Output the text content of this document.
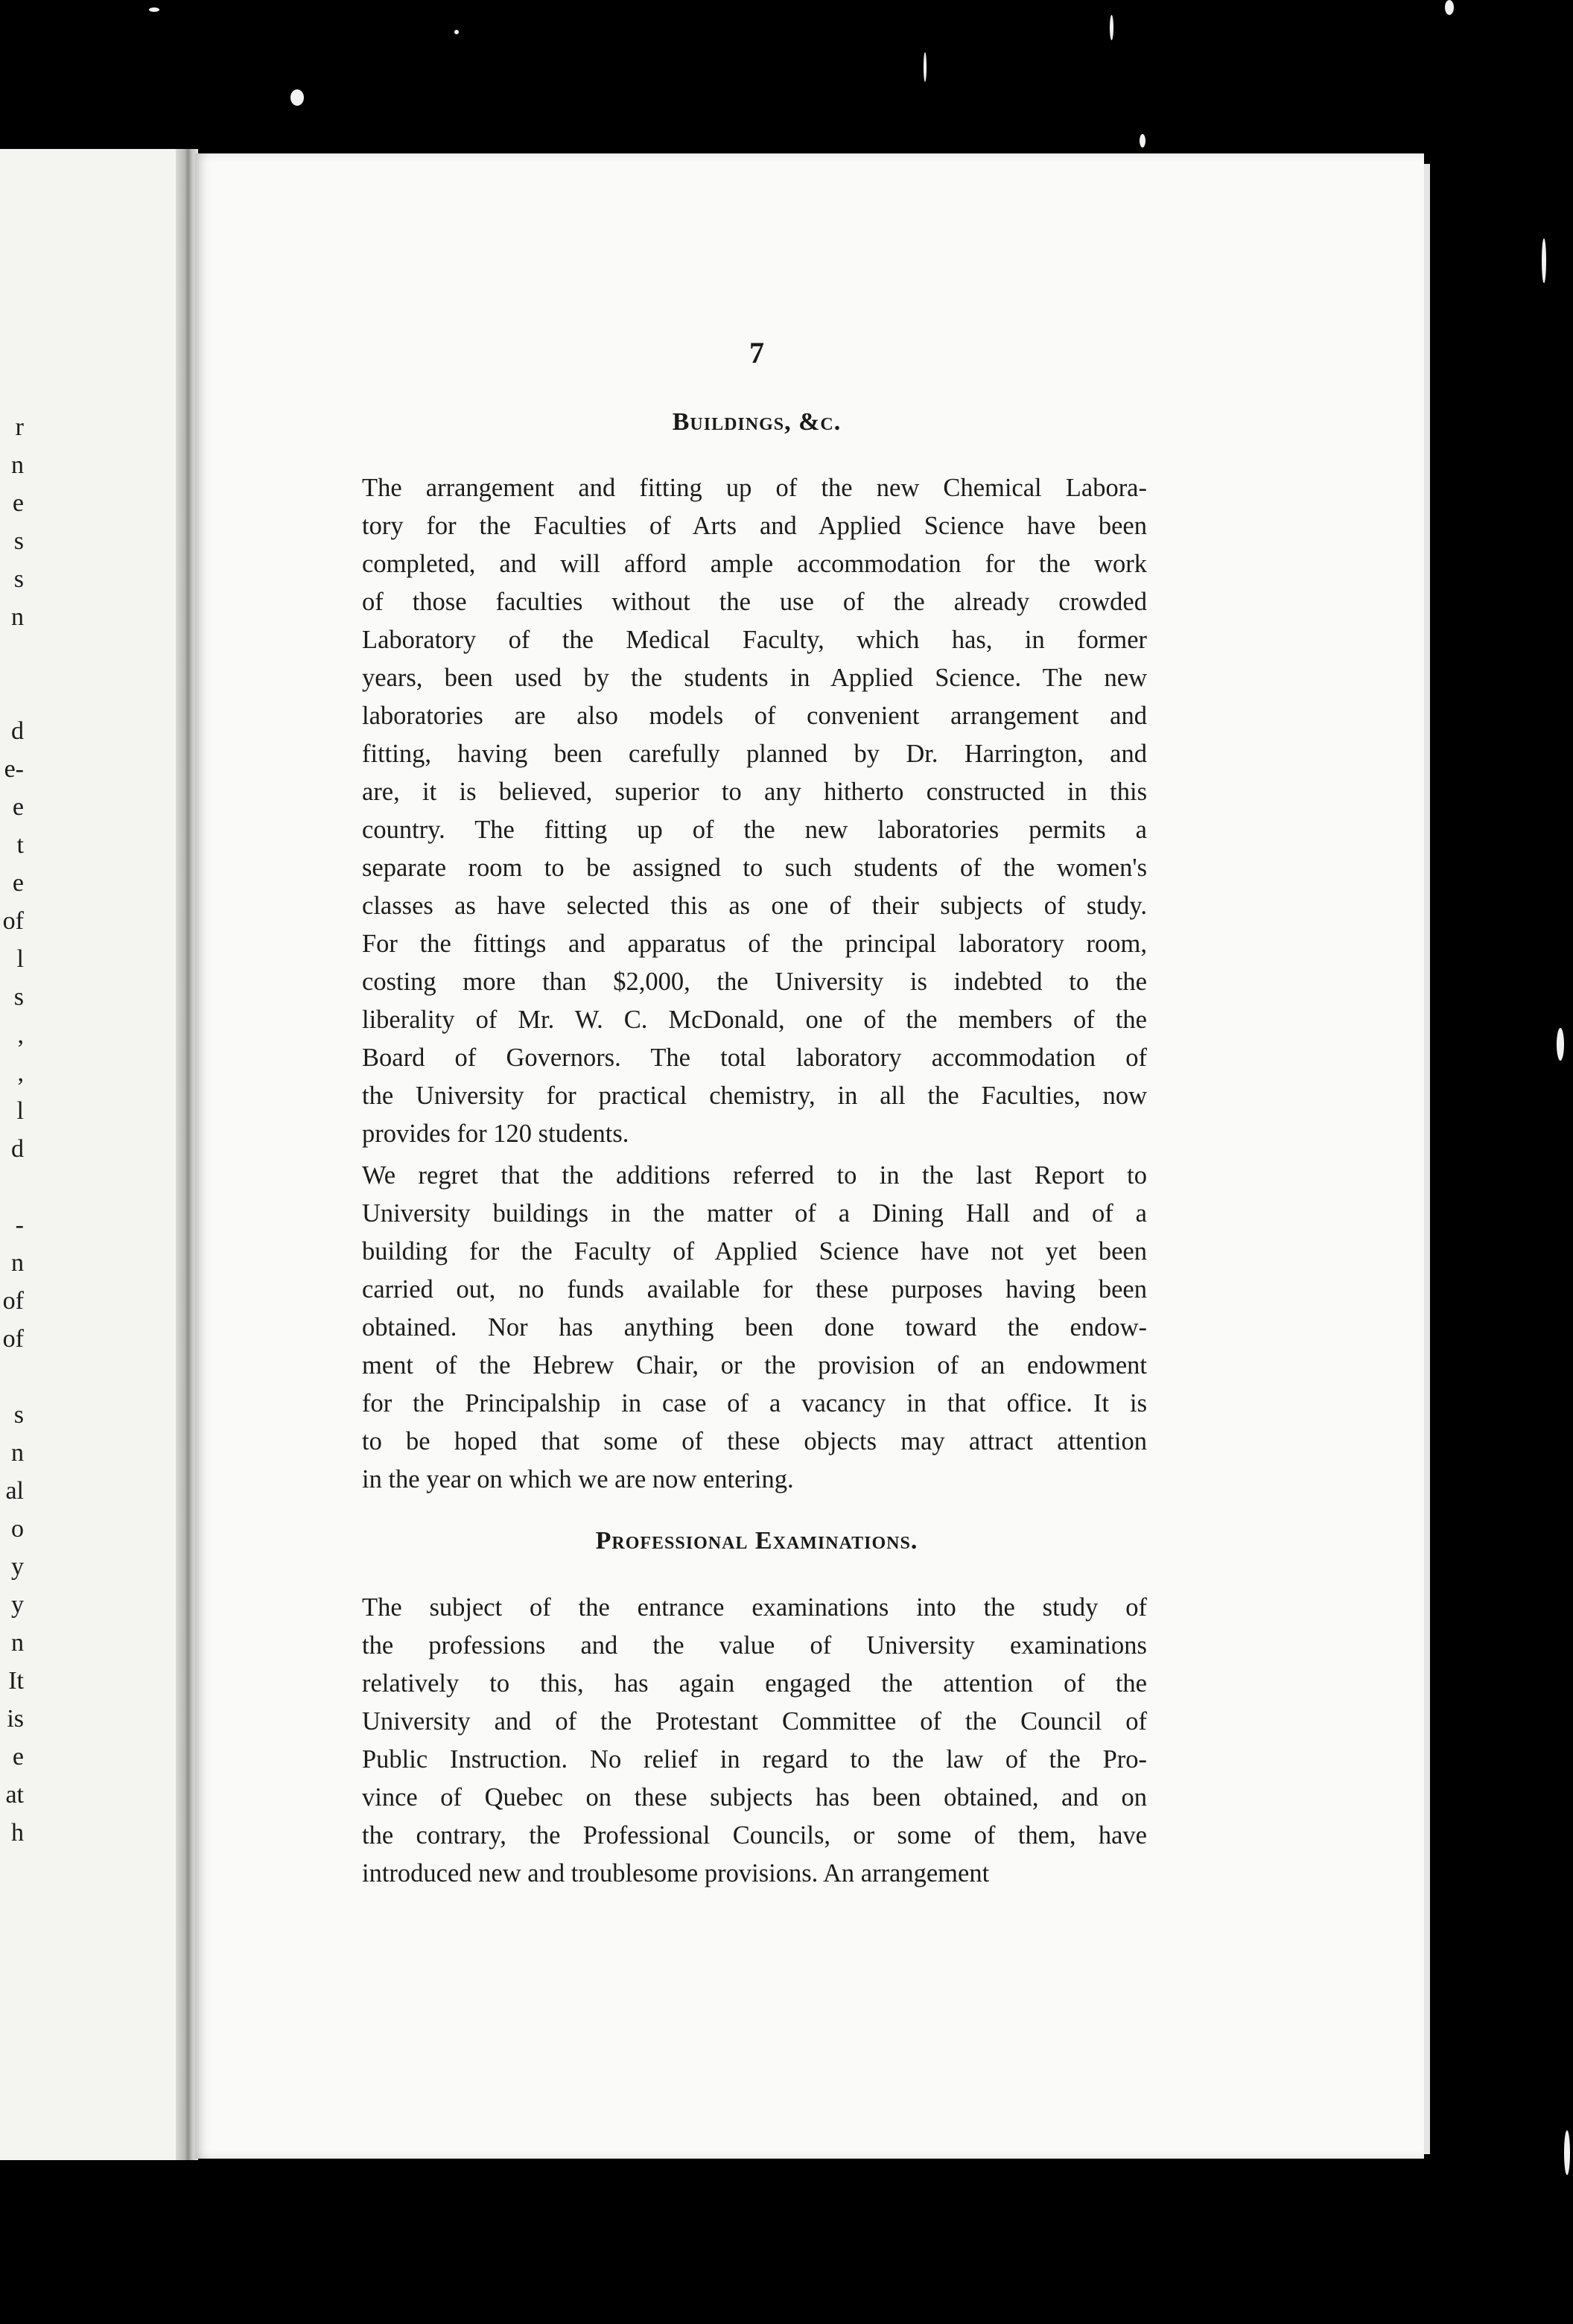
r
n
e
s
s
n
d
e-
e
t
e
of
l
s
,
,
l
d
-
n
of
of
s
n
al
o
y
y
n
It
is
e
at
h
7
Buildings, &c.

The arrangement and fitting up of the new Chemical Labora-
tory for the Faculties of Arts and Applied Science have been
completed, and will afford ample accommodation for the work
of those faculties without the use of the already crowded
Laboratory of the Medical Faculty, which has, in former
years, been used by the students in Applied Science. The new
laboratories are also models of convenient arrangement and
fitting, having been carefully planned by Dr. Harrington, and
are, it is believed, superior to any hitherto constructed in this
country. The fitting up of the new laboratories permits a
separate room to be assigned to such students of the women's
classes as have selected this as one of their subjects of study.
For the fittings and apparatus of the principal laboratory room,
costing more than $2,000, the University is indebted to the
liberality of Mr. W. C. McDonald, one of the members of the
Board of Governors. The total laboratory accommodation of
the University for practical chemistry, in all the Faculties, now
provides for 120 students.

We regret that the additions referred to in the last Report to
University buildings in the matter of a Dining Hall and of a
building for the Faculty of Applied Science have not yet been
carried out, no funds available for these purposes having been
obtained. Nor has anything been done toward the endow-
ment of the Hebrew Chair, or the provision of an endowment
for the Principalship in case of a vacancy in that office. It is
to be hoped that some of these objects may attract attention
in the year on which we are now entering.

Professional Examinations.

The subject of the entrance examinations into the study of
the professions and the value of University examinations
relatively to this, has again engaged the attention of the
University and of the Protestant Committee of the Council of
Public Instruction. No relief in regard to the law of the Pro-
vince of Quebec on these subjects has been obtained, and on
the contrary, the Professional Councils, or some of them, have
introduced new and troublesome provisions. An arrangement
